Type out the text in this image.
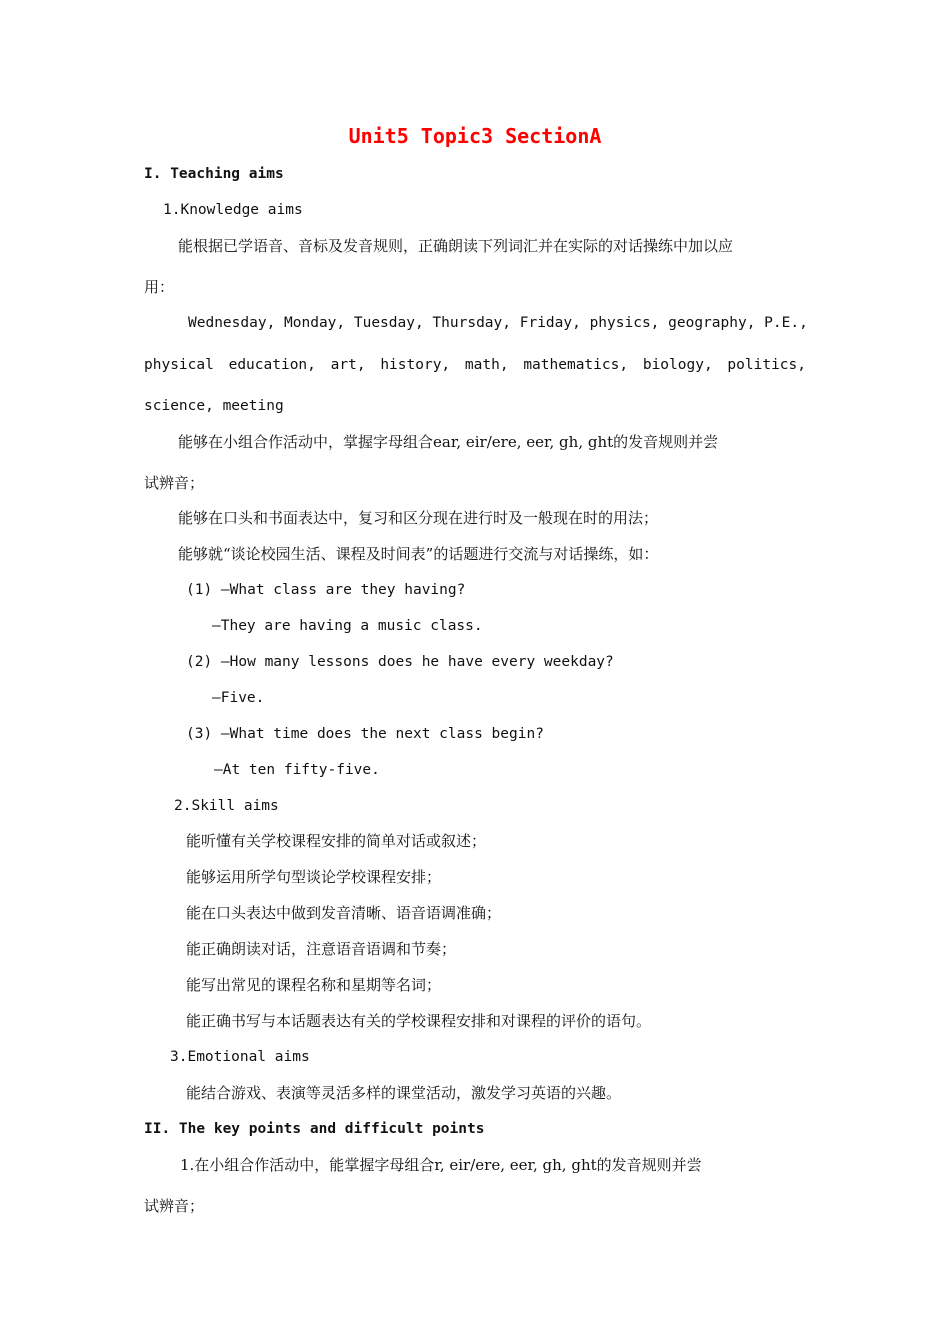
Unit5 Topic3 SectionA

I. Teaching aims

1.Knowledge aims

能根据已学语音、音标及发音规则，正确朗读下列词汇并在实际的对话操练中加以应

用：

Wednesday, Monday, Tuesday, Thursday, Friday, physics, geography, P.E.,

physical education, art, history, math, mathematics, biology, politics,

science, meeting

能够在小组合作活动中，掌握字母组合ear, eir/ere, eer, gh, ght的发音规则并尝

试辨音；

能够在口头和书面表达中，复习和区分现在进行时及一般现在时的用法；

能够就“谈论校园生活、课程及时间表”的话题进行交流与对话操练，如：

(1) —What class are they having?

—They are having a music class.

(2) —How many lessons does he have every weekday?

—Five.

(3) —What time does the next class begin?

—At ten fifty-five.

2.Skill aims

能听懂有关学校课程安排的简单对话或叙述；

能够运用所学句型谈论学校课程安排；

能在口头表达中做到发音清晰、语音语调准确；

能正确朗读对话，注意语音语调和节奏；

能写出常见的课程名称和星期等名词；

能正确书写与本话题表达有关的学校课程安排和对课程的评价的语句。

3.Emotional aims

能结合游戏、表演等灵活多样的课堂活动，激发学习英语的兴趣。

II. The key points and difficult points

1.在小组合作活动中，能掌握字母组合r, eir/ere, eer, gh, ght的发音规则并尝

试辨音；
